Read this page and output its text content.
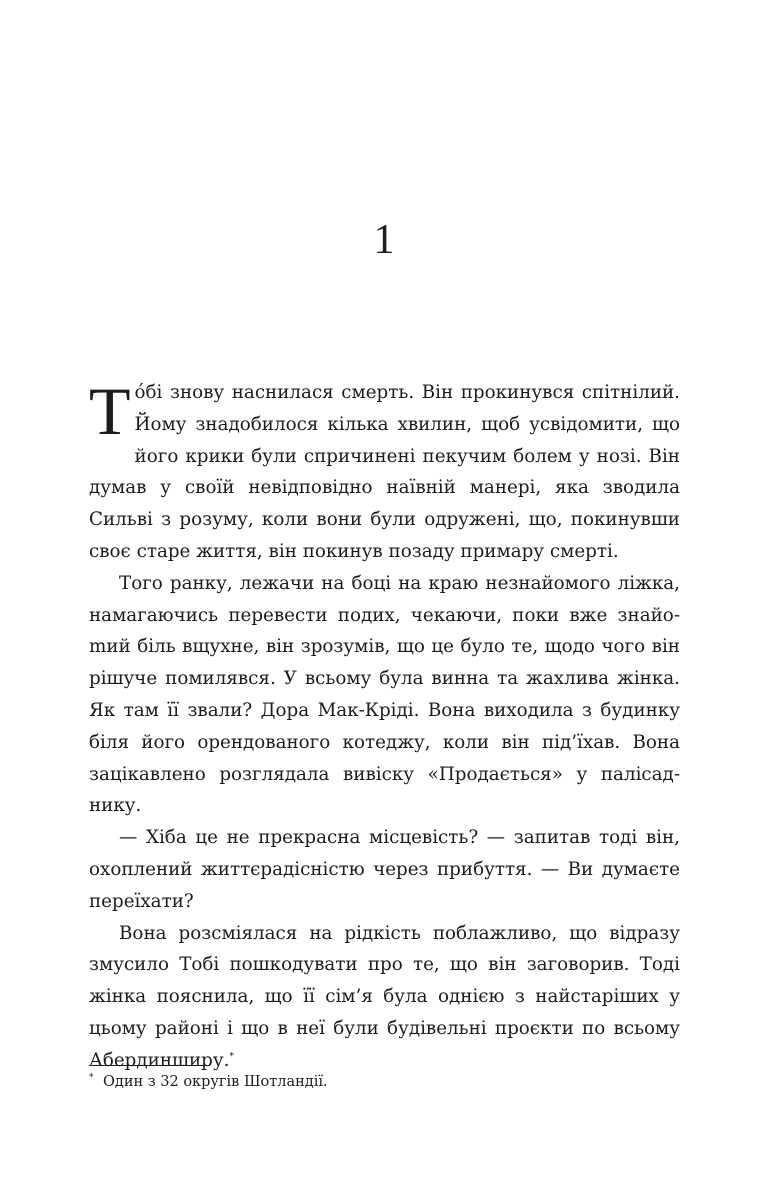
1

Тóбі знову наснилася смерть. Він прокинувся спітнілий. Йому знадобилося кілька хвилин, щоб усвідомити, що його крики були спричинені пекучим болем у нозі. Він думав у своїй невідповідно наївній манері, яка зводила Сильві з розуму, коли вони були одружені, що, покинувши своє старе життя, він покинув позаду примару смерті.

Того ранку, лежачи на боці на краю незнайомого ліжка, намагаючись перевести подих, чекаючи, поки вже знайоmий біль вщухне, він зрозумів, що це було те, щодо чого він рішуче помилявся. У всьому була винна та жахлива жінка. Як там її звали? Дора Мак-Кріді. Вона виходила з будинку біля його орендованого котеджу, коли він під’їхав. Вона зацікавлено розглядала вивіску «Продається» у палісаднику.

— Хіба це не прекрасна місцевість? — запитав тоді він, охоплений життєрадісністю через прибуття. — Ви думаєте переїхати?

Вона розсміялася на рідкість поблажливо, що відразу змусило Тобі пошкодувати про те, що він заговорив. Тоді жінка пояснила, що її сім’я була однією з найстаріших у цьому районі і що в неї були будівельні проєкти по всьому Абердинширу.*

* Один з 32 округів Шотландії.
